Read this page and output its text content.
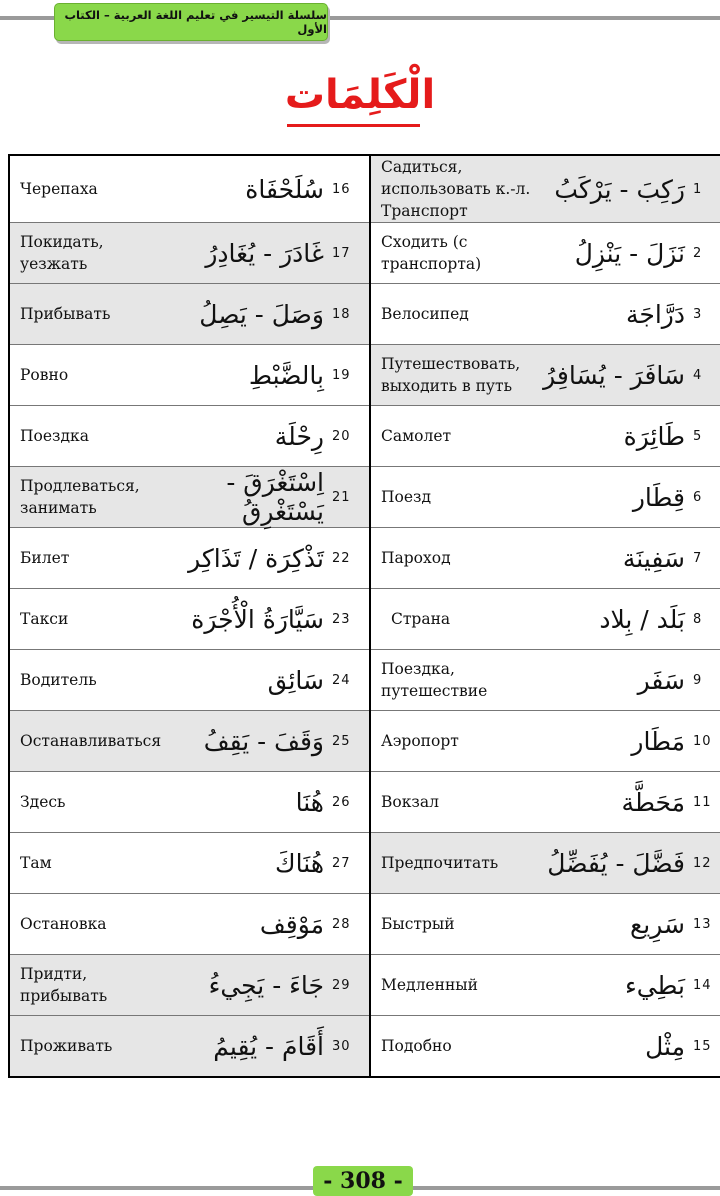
سلسلة التيسير في تعليم اللغة العربية – الكتاب الأول
الْكَلِمَات
Черепаха	سُلَحْفَاة	16	Садиться, использовать к.-л. Транспорт	رَكِبَ - يَرْكَبُ	1
Покидать, уезжать	غَادَرَ - يُغَادِرُ	17	Сходить (с транспорта)	نَزَلَ - يَنْزِلُ	2
Прибывать	وَصَلَ - يَصِلُ	18	Велосипед	دَرَّاجَة	3
Ровно	بِالضَّبْطِ	19	Путешествовать, выходить в путь	سَافَرَ - يُسَافِرُ	4
Поездка	رِحْلَة	20	Самолет	طَائِرَة	5
Продлеваться, занимать	اِسْتَغْرَقَ - يَسْتَغْرِقُ	21	Поезд	قِطَار	6
Билет	تَذْكِرَة / تَذَاكِر	22	Пароход	سَفِينَة	7
Такси	سَيَّارَةُ الْأُجْرَة	23	Страна	بَلَد / بِلاد	8
Водитель	سَائِق	24	Поездка, путешествие	سَفَر	9
Останавливаться	وَقَفَ - يَقِفُ	25	Аэропорт	مَطَار	10
Здесь	هُنَا	26	Вокзал	مَحَطَّة	11
Там	هُنَاكَ	27	Предпочитать	فَضَّلَ - يُفَضِّلُ	12
Остановка	مَوْقِف	28	Быстрый	سَرِيع	13
Придти, прибывать	جَاءَ - يَجِيءُ	29	Медленный	بَطِيء	14
Проживать	أَقَامَ - يُقِيمُ	30	Подобно	مِثْل	15
- 308 -
